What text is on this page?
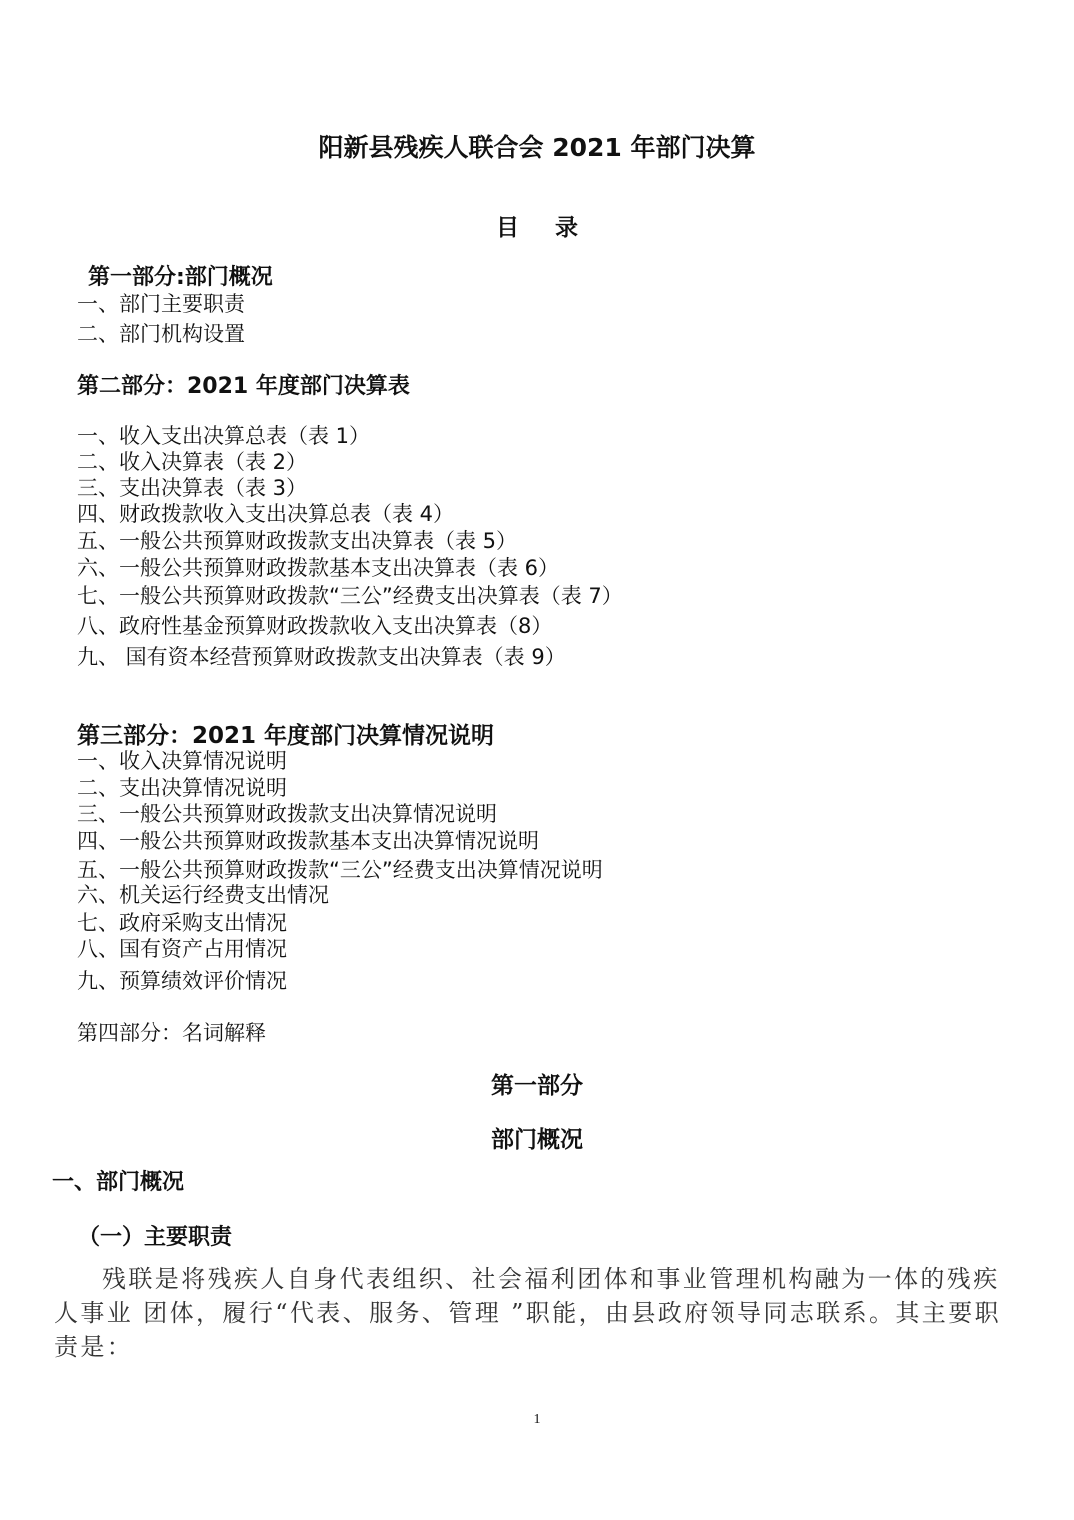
阳新县残疾人联合会 2021 年部门决算
目 录
第一部分:部门概况
一、部门主要职责
二、部门机构设置
第二部分：2021 年度部门决算表
一、收入支出决算总表（表 1）
二、收入决算表（表 2）
三、支出决算表（表 3）
四、财政拨款收入支出决算总表（表 4）
五、一般公共预算财政拨款支出决算表（表 5）
六、一般公共预算财政拨款基本支出决算表（表 6）
七、一般公共预算财政拨款“三公”经费支出决算表（表 7）
八、政府性基金预算财政拨款收入支出决算表（8）
九、 国有资本经营预算财政拨款支出决算表（表 9）
第三部分：2021 年度部门决算情况说明
一、收入决算情况说明
二、支出决算情况说明
三、一般公共预算财政拨款支出决算情况说明
四、一般公共预算财政拨款基本支出决算情况说明
五、一般公共预算财政拨款“三公”经费支出决算情况说明
六、机关运行经费支出情况
七、政府采购支出情况
八、国有资产占用情况
九、预算绩效评价情况
第四部分：名词解释
第一部分
部门概况
一、部门概况
（一）主要职责
残联是将残疾人自身代表组织、社会福利团体和事业管理机构融为一体的残疾人事业 团体，履行“代表、服务、管理 ”职能，由县政府领导同志联系。其主要职责是：
1
